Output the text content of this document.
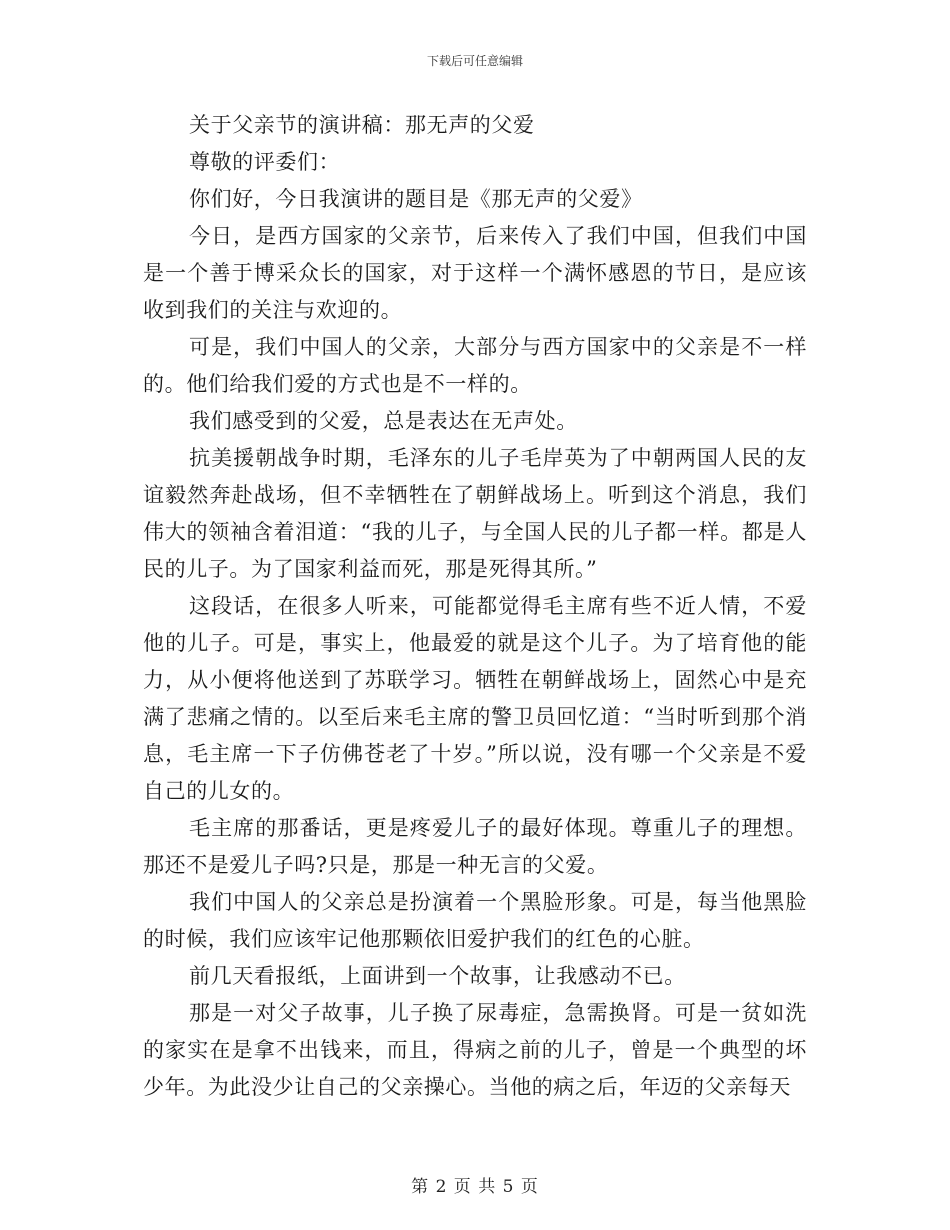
下载后可任意编辑

关于父亲节的演讲稿：那无声的父爱

尊敬的评委们：

你们好，今日我演讲的题目是《那无声的父爱》

今日，是西方国家的父亲节，后来传入了我们中国，但我们中国是一个善于博采众长的国家，对于这样一个满怀感恩的节日，是应该收到我们的关注与欢迎的。

可是，我们中国人的父亲，大部分与西方国家中的父亲是不一样的。他们给我们爱的方式也是不一样的。

我们感受到的父爱，总是表达在无声处。

抗美援朝战争时期，毛泽东的儿子毛岸英为了中朝两国人民的友谊毅然奔赴战场，但不幸牺牲在了朝鲜战场上。听到这个消息，我们伟大的领袖含着泪道：“我的儿子，与全国人民的儿子都一样。都是人民的儿子。为了国家利益而死，那是死得其所。”

这段话，在很多人听来，可能都觉得毛主席有些不近人情，不爱他的儿子。可是，事实上，他最爱的就是这个儿子。为了培育他的能力，从小便将他送到了苏联学习。牺牲在朝鲜战场上，固然心中是充满了悲痛之情的。以至后来毛主席的警卫员回忆道：“当时听到那个消息，毛主席一下子仿佛苍老了十岁。”所以说，没有哪一个父亲是不爱自己的儿女的。

毛主席的那番话，更是疼爱儿子的最好体现。尊重儿子的理想。那还不是爱儿子吗?只是，那是一种无言的父爱。

我们中国人的父亲总是扮演着一个黑脸形象。可是，每当他黑脸的时候，我们应该牢记他那颗依旧爱护我们的红色的心脏。

前几天看报纸，上面讲到一个故事，让我感动不已。

那是一对父子故事，儿子换了尿毒症，急需换肾。可是一贫如洗的家实在是拿不出钱来，而且，得病之前的儿子，曾是一个典型的坏少年。为此没少让自己的父亲操心。当他的病之后，年迈的父亲每天

第 2 页 共 5 页
